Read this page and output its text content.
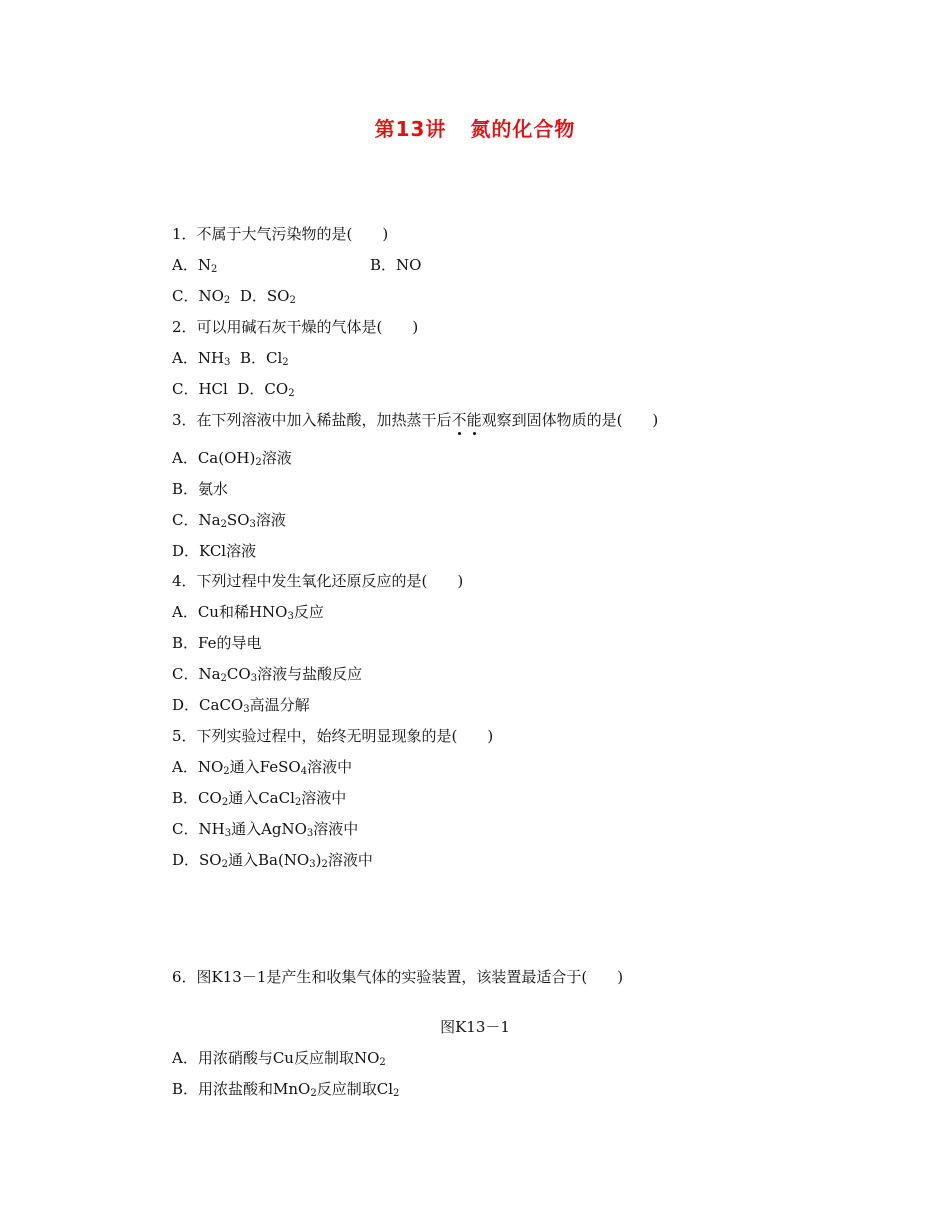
第13讲 氮的化合物
1．不属于大气污染物的是(　　)
A．$N_2$	B．NO
C．$NO_2$ D．$SO_2$
2．可以用碱石灰干燥的气体是(　　)
A．$NH_3$ B．$Cl_2$
C．HCl D．$CO_2$
3．在下列溶液中加入稀盐酸，加热蒸干后不能观察到固体物质的是(　　)
A．$Ca(OH)_2$溶液
B．氨水
C．$Na_2SO_3$溶液
D．KCl溶液
4．下列过程中发生氧化还原反应的是(　　)
A．Cu和稀$HNO_3$反应
B．Fe的导电
C．$Na_2CO_3$溶液与盐酸反应
D．CaCO$_3$高温分解
5．下列实验过程中，始终无明显现象的是(　　)
A．$NO_2$通入FeSO$_4$溶液中
B．$CO_2$通入CaCl$_2$溶液中
C．$NH_3$通入AgNO$_3$溶液中
D．$SO_2$通入$Ba(NO_3)_2$溶液中
6．图K13－1是产生和收集气体的实验装置，该装置最适合于(　　)
图K13－1
A．用浓硝酸与Cu反应制取$NO_2$
B．用浓盐酸和MnO$_2$反应制取$Cl_2$
